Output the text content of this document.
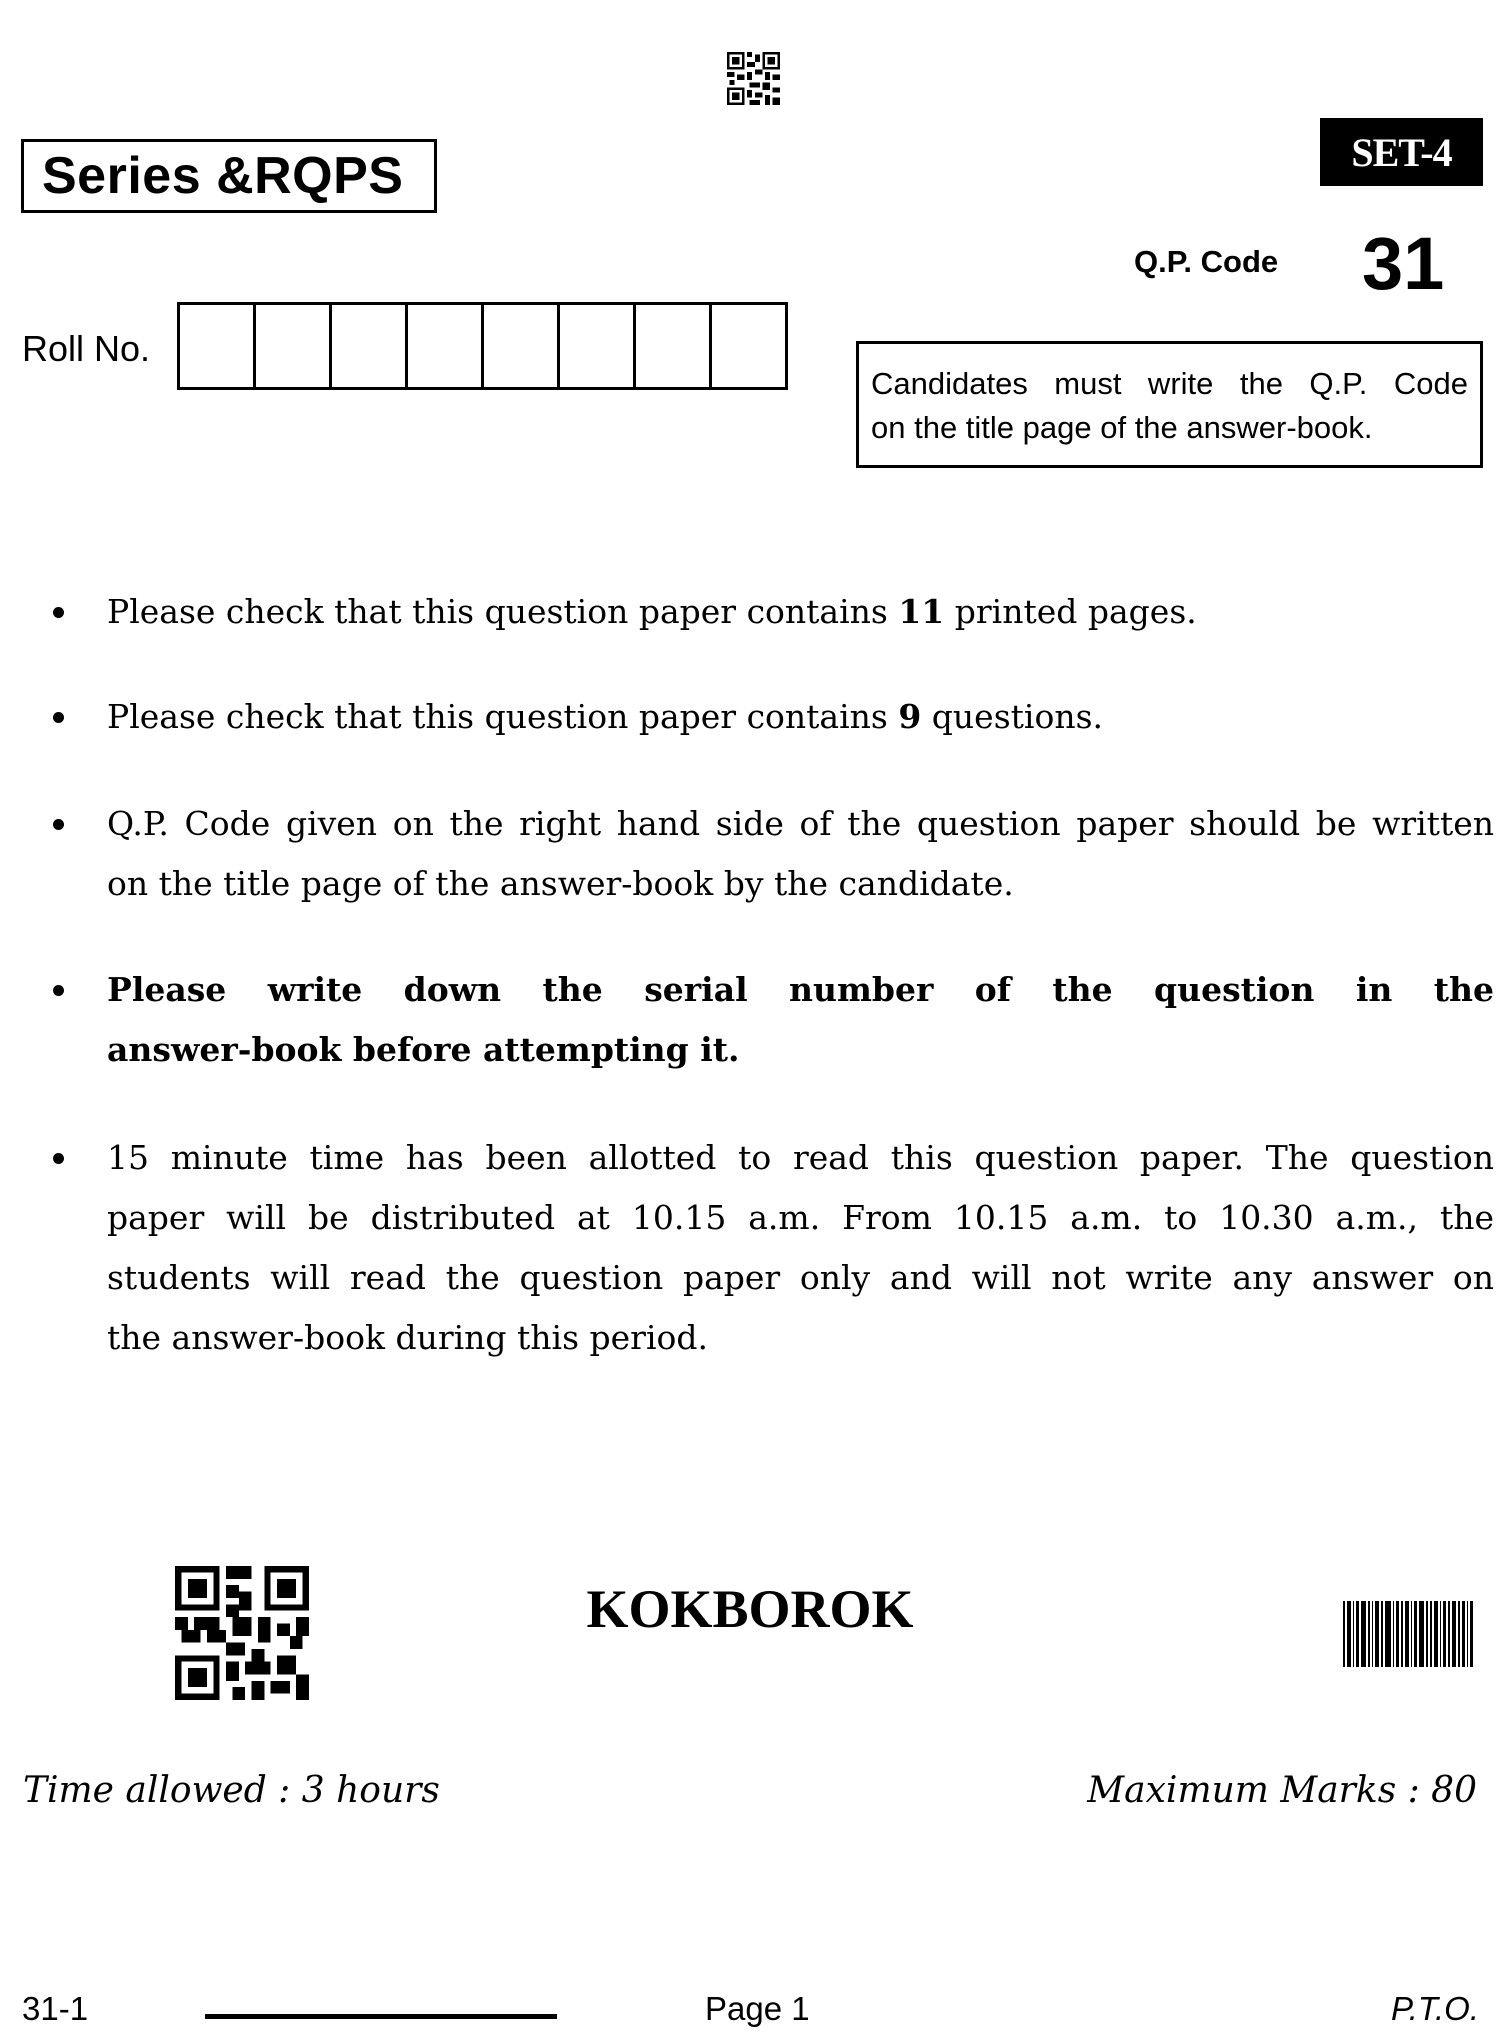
Series &RQPS	SET-4
Q.P. Code 31
Roll No.
Candidates must write the Q.P. Code
on the title page of the answer-book.
Please check that this question paper contains 11 printed pages.
Please check that this question paper contains 9 questions.
Q.P. Code given on the right hand side of the question paper should be written
on the title page of the answer-book by the candidate.
Please write down the serial number of the question in the
answer-book before attempting it.
15 minute time has been allotted to read this question paper. The question
paper will be distributed at 10.15 a.m. From 10.15 a.m. to 10.30 a.m., the
students will read the question paper only and will not write any answer on
the answer-book during this period.
KOKBOROK
Time allowed : 3 hours	Maximum Marks : 80
31-1	Page 1	P.T.O.
